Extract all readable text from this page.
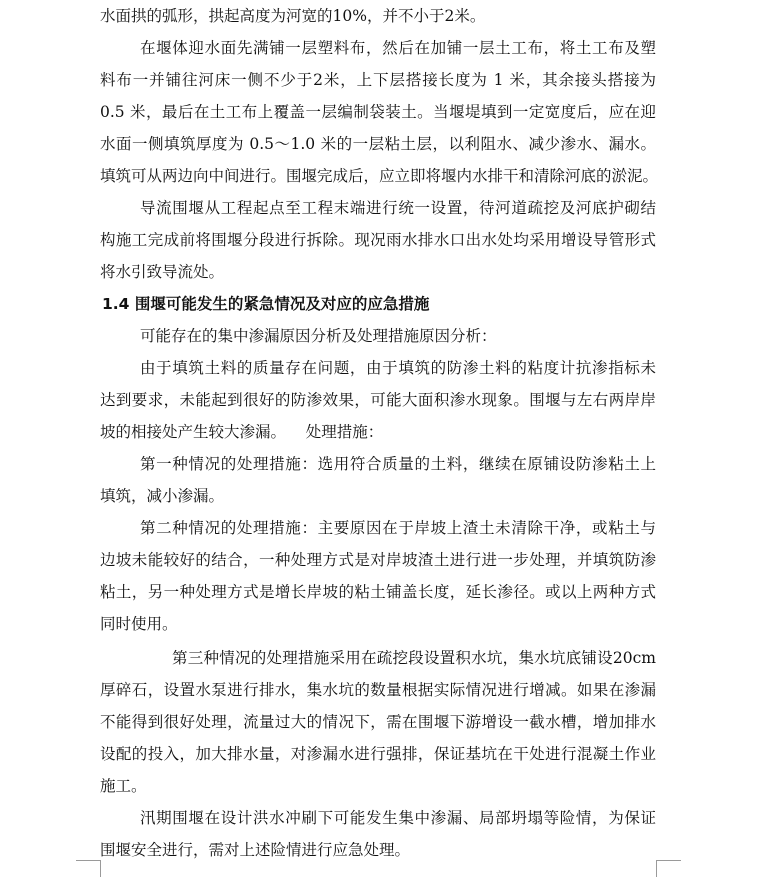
水面拱的弧形，拱起高度为河宽的10%，并不小于2米。
在堰体迎水面先满铺一层塑料布，然后在加铺一层土工布，将土工布及塑
料布一并铺往河床一侧不少于2米，上下层搭接长度为 1 米，其余接头搭接为
0.5 米，最后在土工布上覆盖一层编制袋装土。当堰堤填到一定宽度后，应在迎
水面一侧填筑厚度为 0.5～1.0 米的一层粘土层，以利阻水、减少渗水、漏水。
填筑可从两边向中间进行。围堰完成后，应立即将堰内水排干和清除河底的淤泥。
导流围堰从工程起点至工程末端进行统一设置，待河道疏挖及河底护砌结
构施工完成前将围堰分段进行拆除。现况雨水排水口出水处均采用增设导管形式
将水引致导流处。
1.4 围堰可能发生的紧急情况及对应的应急措施
可能存在的集中渗漏原因分析及处理措施原因分析：
由于填筑土料的质量存在问题，由于填筑的防渗土料的粘度计抗渗指标未
达到要求，未能起到很好的防渗效果，可能大面积渗水现象。围堰与左右两岸岸
坡的相接处产生较大渗漏。    处理措施：
第一种情况的处理措施：选用符合质量的土料，继续在原铺设防渗粘土上
填筑，减小渗漏。
第二种情况的处理措施：主要原因在于岸坡上渣土未清除干净，或粘土与
边坡未能较好的结合，一种处理方式是对岸坡渣土进行进一步处理，并填筑防渗
粘土，另一种处理方式是增长岸坡的粘土铺盖长度，延长渗径。或以上两种方式
同时使用。
第三种情况的处理措施采用在疏挖段设置积水坑，集水坑底铺设20cm
厚碎石，设置水泵进行排水，集水坑的数量根据实际情况进行增减。如果在渗漏
不能得到很好处理，流量过大的情况下，需在围堰下游增设一截水槽，增加排水
设配的投入，加大排水量，对渗漏水进行强排，保证基坑在干处进行混凝土作业
施工。
汛期围堰在设计洪水冲刷下可能发生集中渗漏、局部坍塌等险情，为保证
围堰安全进行，需对上述险情进行应急处理。
